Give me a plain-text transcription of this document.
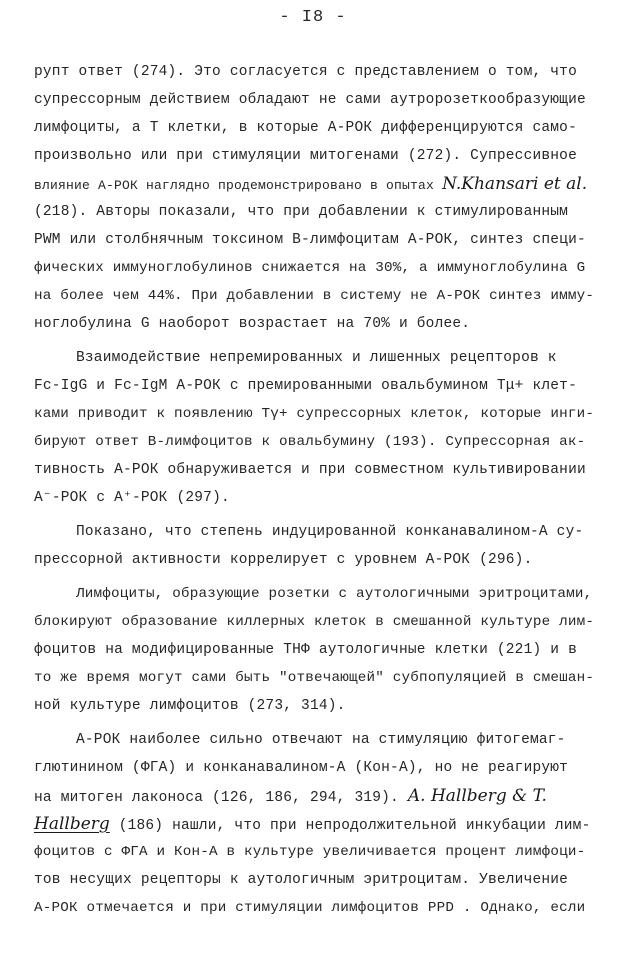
- I8 -
рупт ответ (274). Это согласуется с представлением о том, что
супрессорным действием обладают не сами аутророзеткообразующие
лимфоциты, а Т клетки, в которые А-РОК дифференцируются само-
произвольно или при стимуляции митогенами (272). Супрессивное
влияние А-РОК наглядно продемонстрировано в опытах N.Khansari et al.
(218). Авторы показали, что при добавлении к стимулированным
PWM или столбнячным токсином В-лимфоцитам А-РОК, синтез специ-
фических иммуноглобулинов снижается на 30%, а иммуноглобулина G
на более чем 44%. При добавлении в систему не А-РОК синтез иммy-
ноглобулина G наоборот возрастает на 70% и более.
Взаимодействие непремированных и лишенных рецепторов к
Fc-IgG и Fc-IgM А-РОК с премированными овальбумином Tμ+ клет-
ками приводит к появлению Tγ+ супрессорных клеток, которые инги-
бируют ответ В-лимфоцитов к овальбумину (193). Супрессорная ак-
тивность А-РОК обнаруживается и при совместном культивировании
А⁻-РОК с А⁺-РОК (297).
Показано, что степень индуцированной конканавалином-А су-
прессорной активности коррелирует с уровнем А-РОК (296).
Лимфоциты, образующие розетки с аутологичными эритроцитами,
блокируют образование киллерных клеток в смешанной культуре лим-
фоцитов на модифицированные ТНФ аутологичные клетки (221) и в
то же время могут сами быть "отвечающей" субпопуляцией в смешан-
ной культуре лимфоцитов (273, 314).
А-РОК наиболее сильно отвечают на стимуляцию фитогемаг-
глютинином (ФГА) и конканавалином-А (Кон-А), но не реагируют
на митоген лаконоса (126, 186, 294, 319). A. Hallberg & T.
Hallberg (186) нашли, что при непродолжительной инкубации лим-
фоцитов с ФГА и Кон-А в культуре увеличивается процент лимфоци-
тов несущих рецепторы к аутологичным эритроцитам. Увеличение
А-РОК отмечается и при стимуляции лимфоцитов PPD . Однако, если
